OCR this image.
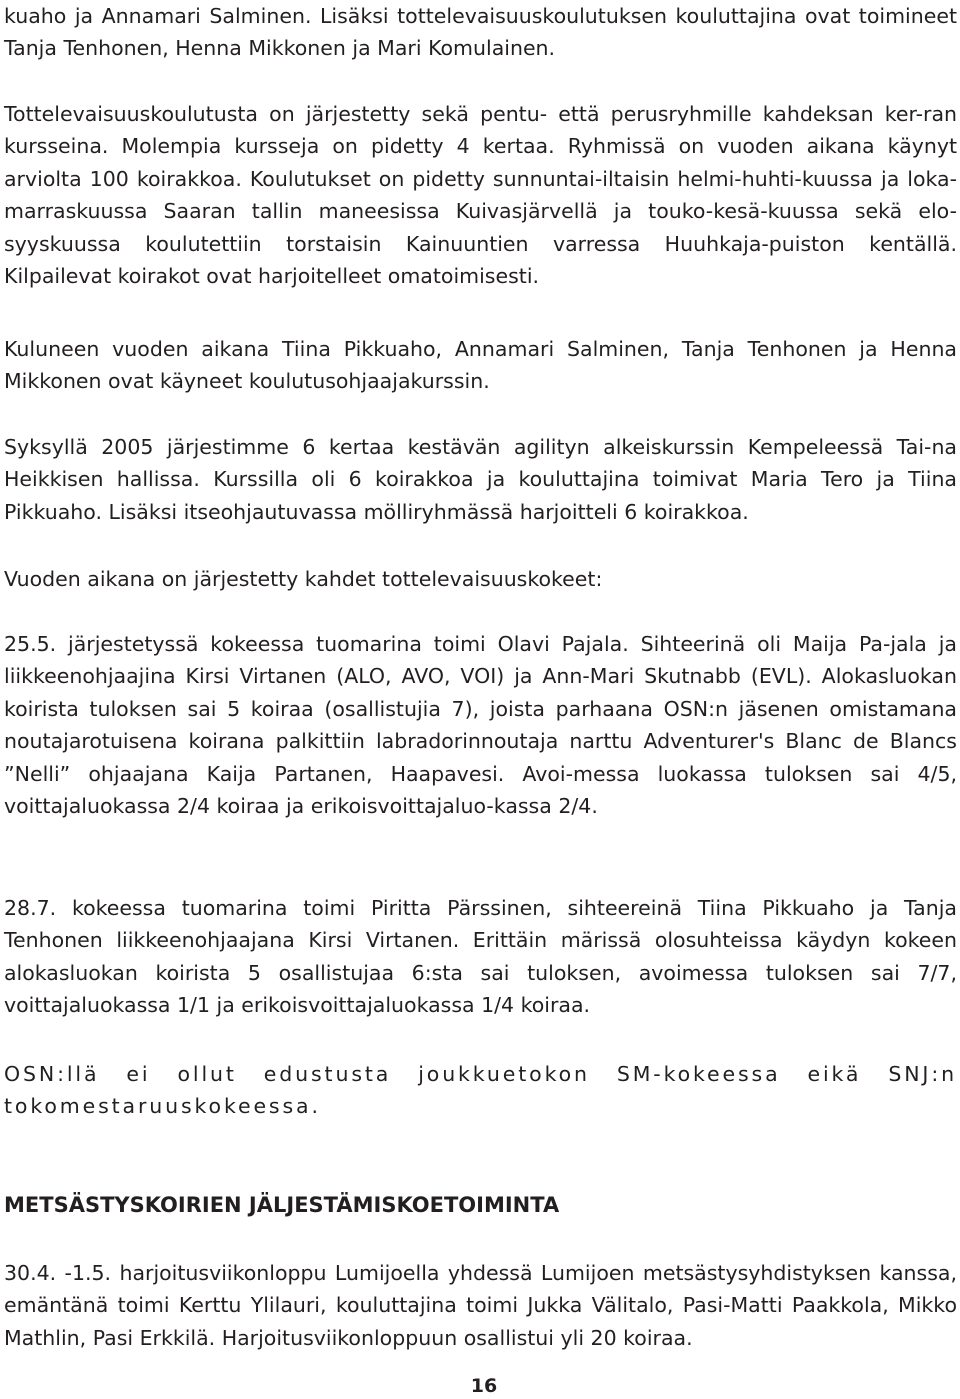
kuaho ja Annamari Salminen. Lisäksi tottelevaisuuskoulutuksen kouluttajina ovat toimineet Tanja Tenhonen, Henna Mikkonen ja Mari Komulainen.

Tottelevaisuuskoulutusta on järjestetty sekä pentu- että perusryhmille kahdeksan ker-ran kursseina. Molempia kursseja on pidetty 4 kertaa. Ryhmissä on vuoden aikana käynyt arviolta 100 koirakkoa. Koulutukset on pidetty sunnuntai-iltaisin helmi-huhti-kuussa ja loka-marraskuussa Saaran tallin maneesissa Kuivasjärvellä ja touko-kesä-kuussa sekä elo-syyskuussa koulutettiin torstaisin Kainuuntien varressa Huuhkaja-puiston kentällä. Kilpailevat koirakot ovat harjoitelleet omatoimisesti.

Kuluneen vuoden aikana Tiina Pikkuaho, Annamari Salminen, Tanja Tenhonen ja Henna Mikkonen ovat käyneet koulutusohjaajakurssin.

Syksyllä 2005 järjestimme 6 kertaa kestävän agilityn alkeiskurssin Kempeleessä Tai-na Heikkisen hallissa. Kurssilla oli 6 koirakkoa ja kouluttajina toimivat Maria Tero ja Tiina Pikkuaho. Lisäksi itseohjautuvassa mölliryhmässä harjoitteli 6 koirakkoa.

Vuoden aikana on järjestetty kahdet tottelevaisuuskokeet:

25.5. järjestetyssä kokeessa tuomarina toimi Olavi Pajala. Sihteerinä oli Maija Pa-jala ja liikkeenohjaajina Kirsi Virtanen (ALO, AVO, VOI) ja Ann-Mari Skutnabb (EVL). Alokasluokan koirista tuloksen sai 5 koiraa (osallistujia 7), joista parhaana OSN:n jäsenen omistamana noutajarotuisena koirana palkittiin labradorinnoutaja narttu Adventurer's Blanc de Blancs ”Nelli” ohjaajana Kaija Partanen, Haapavesi. Avoi-messa luokassa tuloksen sai 4/5, voittajaluokassa 2/4 koiraa ja erikoisvoittajaluo-kassa 2/4.

28.7. kokeessa tuomarina toimi Piritta Pärssinen, sihteereinä Tiina Pikkuaho ja Tanja Tenhonen liikkeenohjaajana Kirsi Virtanen. Erittäin märissä olosuhteissa käydyn kokeen alokasluokan koirista 5 osallistujaa 6:sta sai tuloksen, avoimessa tuloksen sai 7/7, voittajaluokassa 1/1 ja erikoisvoittajaluokassa 1/4 koiraa.

OSN:llä ei ollut edustusta joukkuetokon SM-kokeessa eikä SNJ:n tokomestaruuskokeessa.

METSÄSTYSKOIRIEN JÄLJESTÄMISKOETOIMINTA

30.4. -1.5. harjoitusviikonloppu Lumijoella yhdessä Lumijoen metsästysyhdistyksen kanssa, emäntänä toimi Kerttu Ylilauri, kouluttajina toimi Jukka Välitalo, Pasi-Matti Paakkola, Mikko Mathlin, Pasi Erkkilä. Harjoitusviikonloppuun osallistui yli 20 koiraa.

16
